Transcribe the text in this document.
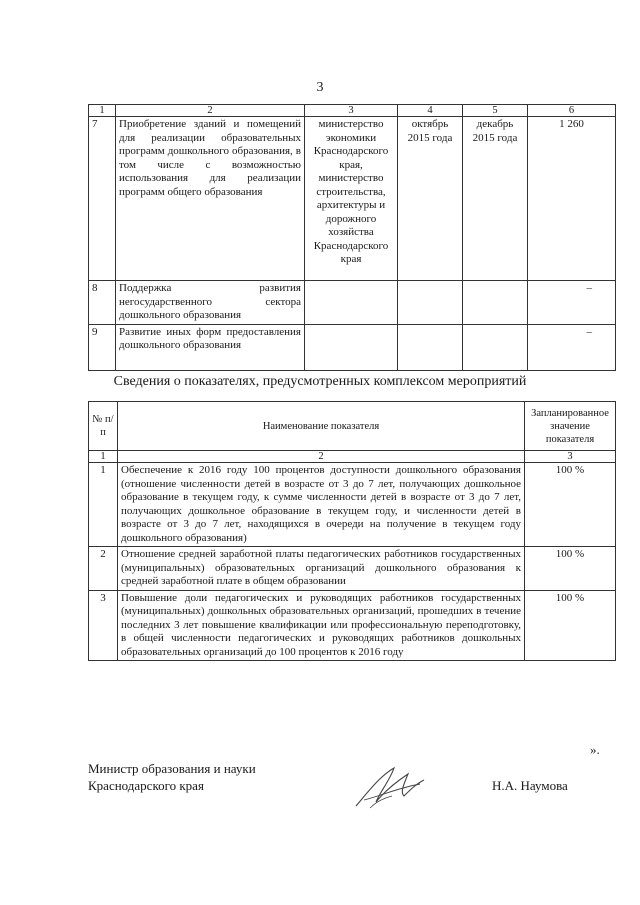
3
1	2	3	4	5	6
7	Приобретение зданий и помещений для реализации образовательных программ дошкольного образования, в том числе с возможностью использования для реализации программ общего образования	министерство экономики Краснодарского края, министерство строительства, архитектуры и дорожного хозяйства Краснодарского края	октябрь 2015 года	декабрь 2015 года	1 260
8	Поддержка развития негосударственного сектора дошкольного образования				–

9	Развитие иных форм предоставления дошкольного образования				–
Сведения о показателях, предусмотренных комплексом мероприятий
№ п/п	Наименование показателя	Запланированное значение показателя
1	2	3
1	Обеспечение к 2016 году 100 процентов доступности дошкольного образования (отношение численности детей в возрасте от 3 до 7 лет, получающих дошкольное образование в текущем году, к сумме численности детей в возрасте от 3 до 7 лет, получающих дошкольное образование в текущем году, и численности детей в возрасте от 3 до 7 лет, находящихся в очереди на получение в текущем году дошкольного образования)	100 %
2	Отношение средней заработной платы педагогических работников государственных (муниципальных) образовательных организаций дошкольного образования к средней заработной плате в общем образовании	100 %
3	Повышение доли педагогических и руководящих работников государственных (муниципальных) дошкольных образовательных организаций, прошедших в течение последних 3 лет повышение квалификации или профессиональную переподготовку, в общей численности педагогических и руководящих работников дошкольных образовательных организаций до 100 процентов к 2016 году	100 %
».
Министр образования и науки
Краснодарского края	Н.А. Наумова
